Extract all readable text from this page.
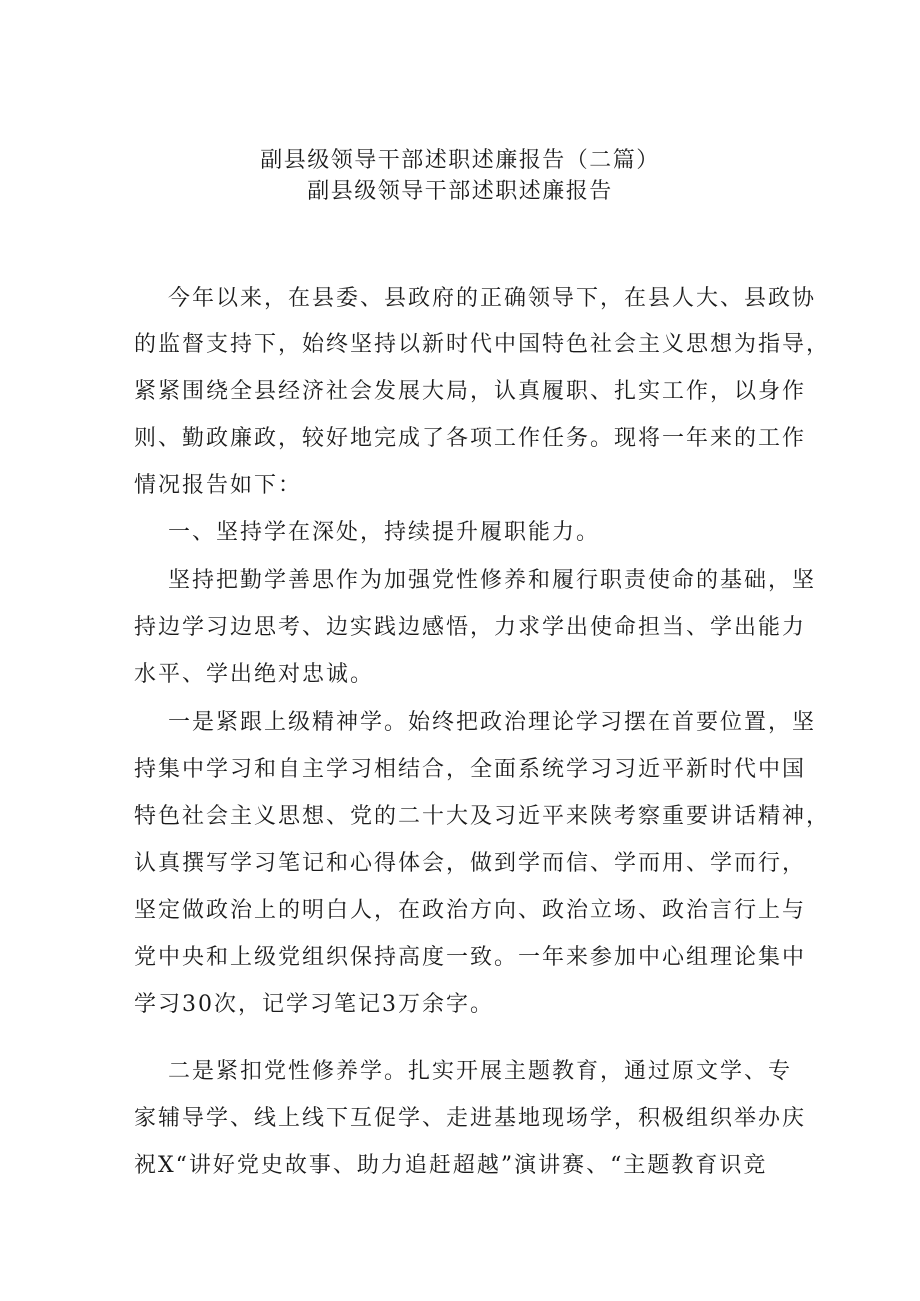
副县级领导干部述职述廉报告（二篇）
副县级领导干部述职述廉报告
今年以来，在县委、县政府的正确领导下，在县人大、县政协
的监督支持下，始终坚持以新时代中国特色社会主义思想为指导，
紧紧围绕全县经济社会发展大局，认真履职、扎实工作，以身作
则、勤政廉政，较好地完成了各项工作任务。现将一年来的工作
情况报告如下：
一、坚持学在深处，持续提升履职能力。
坚持把勤学善思作为加强党性修养和履行职责使命的基础，坚
持边学习边思考、边实践边感悟，力求学出使命担当、学出能力
水平、学出绝对忠诚。
一是紧跟上级精神学。始终把政治理论学习摆在首要位置，坚
持集中学习和自主学习相结合，全面系统学习习近平新时代中国
特色社会主义思想、党的二十大及习近平来陕考察重要讲话精神，
认真撰写学习笔记和心得体会，做到学而信、学而用、学而行，
坚定做政治上的明白人，在政治方向、政治立场、政治言行上与
党中央和上级党组织保持高度一致。一年来参加中心组理论集中
学习30次，记学习笔记3万余字。
二是紧扣党性修养学。扎实开展主题教育，通过原文学、专
家辅导学、线上线下互促学、走进基地现场学，积极组织举办庆
祝X“讲好党史故事、助力追赶超越”演讲赛、“主题教育识竞
